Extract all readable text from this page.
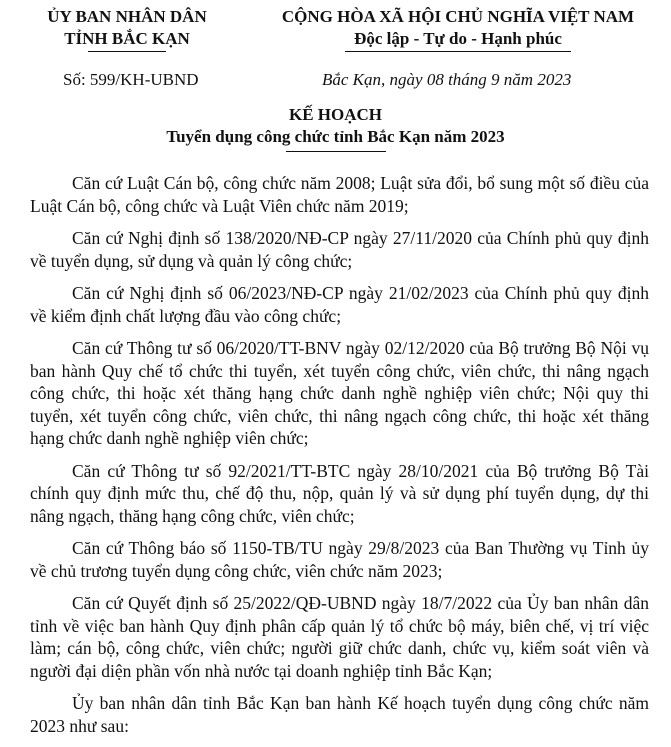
ỦY BAN NHÂN DÂN
TỈNH BẮC KẠN
CỘNG HÒA XÃ HỘI CHỦ NGHĨA VIỆT NAM
Độc lập - Tự do - Hạnh phúc
Số: 599/KH-UBND	Bắc Kạn, ngày 08 tháng 9 năm 2023
KẾ HOẠCH
Tuyển dụng công chức tỉnh Bắc Kạn năm 2023

Căn cứ Luật Cán bộ, công chức năm 2008; Luật sửa đổi, bổ sung một số điều của Luật Cán bộ, công chức và Luật Viên chức năm 2019;

Căn cứ Nghị định số 138/2020/NĐ-CP ngày 27/11/2020 của Chính phủ quy định về tuyển dụng, sử dụng và quản lý công chức;

Căn cứ Nghị định số 06/2023/NĐ-CP ngày 21/02/2023 của Chính phủ quy định về kiểm định chất lượng đầu vào công chức;

Căn cứ Thông tư số 06/2020/TT-BNV ngày 02/12/2020 của Bộ trưởng Bộ Nội vụ ban hành Quy chế tổ chức thi tuyển, xét tuyển công chức, viên chức, thi nâng ngạch công chức, thi hoặc xét thăng hạng chức danh nghề nghiệp viên chức; Nội quy thi tuyển, xét tuyển công chức, viên chức, thi nâng ngạch công chức, thi hoặc xét thăng hạng chức danh nghề nghiệp viên chức;

Căn cứ Thông tư số 92/2021/TT-BTC ngày 28/10/2021 của Bộ trưởng Bộ Tài chính quy định mức thu, chế độ thu, nộp, quản lý và sử dụng phí tuyển dụng, dự thi nâng ngạch, thăng hạng công chức, viên chức;

Căn cứ Thông báo số 1150-TB/TU ngày 29/8/2023 của Ban Thường vụ Tỉnh ủy về chủ trương tuyển dụng công chức, viên chức năm 2023;

Căn cứ Quyết định số 25/2022/QĐ-UBND ngày 18/7/2022 của Ủy ban nhân dân tỉnh về việc ban hành Quy định phân cấp quản lý tổ chức bộ máy, biên chế, vị trí việc làm; cán bộ, công chức, viên chức; người giữ chức danh, chức vụ, kiểm soát viên và người đại diện phần vốn nhà nước tại doanh nghiệp tỉnh Bắc Kạn;

Ủy ban nhân dân tỉnh Bắc Kạn ban hành Kế hoạch tuyển dụng công chức năm 2023 như sau:
